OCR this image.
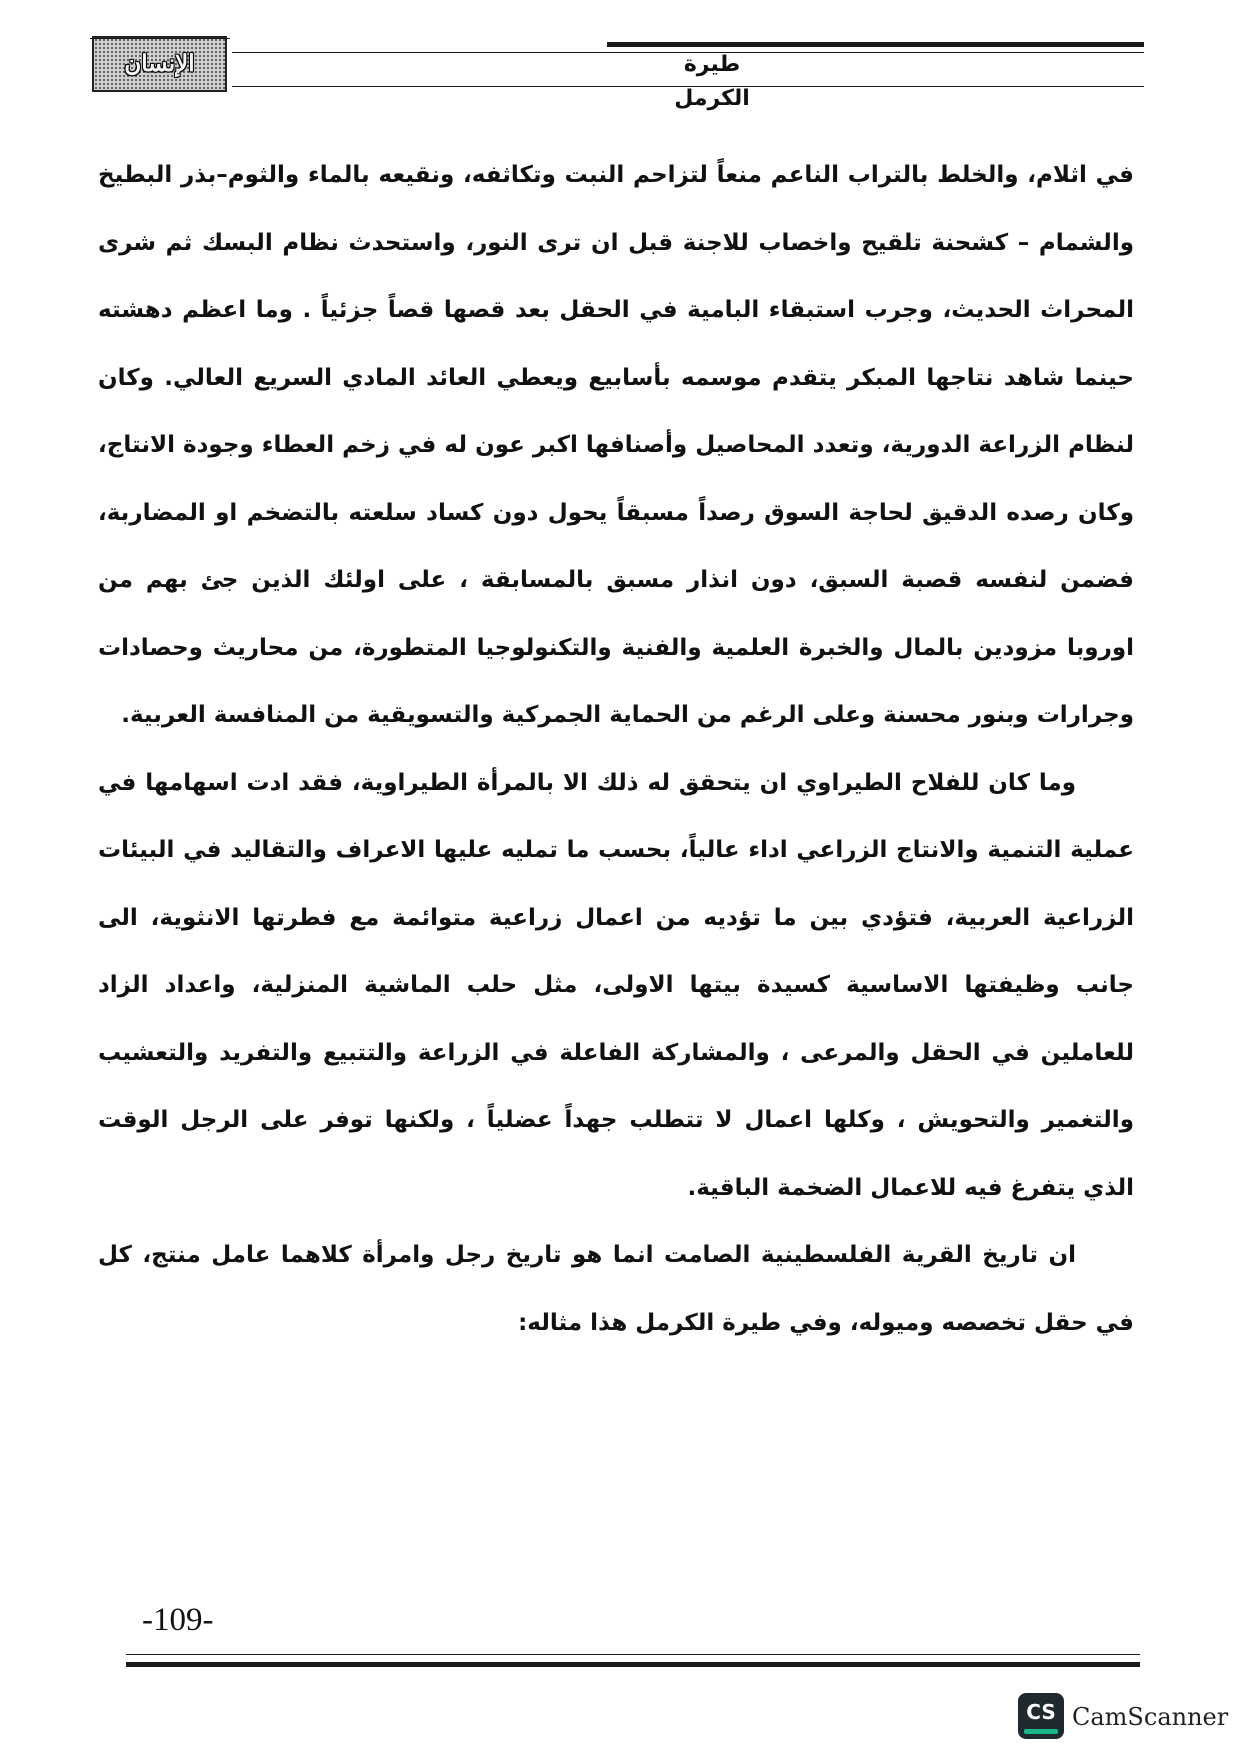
الإنسان	طيرة الكرمل

في اثلام، والخلط بالتراب الناعم منعاً لتزاحم النبت وتكاثفه، ونقيعه بالماء والثوم–بذر البطيخ والشمام – كشحنة تلقيح واخصاب للاجنة قبل ان ترى النور، واستحدث نظام البسك ثم شرى المحراث الحديث، وجرب استبقاء البامية في الحقل بعد قصها قصاً جزئياً . وما اعظم دهشته حينما شاهد نتاجها المبكر يتقدم موسمه بأسابيع ويعطي العائد المادي السريع العالي. وكان لنظام الزراعة الدورية، وتعدد المحاصيل وأصنافها اكبر عون له في زخم العطاء وجودة الانتاج، وكان رصده الدقيق لحاجة السوق رصداً مسبقاً يحول دون كساد سلعته بالتضخم او المضاربة، فضمن لنفسه قصبة السبق، دون انذار مسبق بالمسابقة ، على اولئك الذين جئ بهم من اوروبا مزودين بالمال والخبرة العلمية والفنية والتكنولوجيا المتطورة، من محاريث وحصادات وجرارات وبنور محسنة وعلى الرغم من الحماية الجمركية والتسويقية من المنافسة العربية.

وما كان للفلاح الطيراوي ان يتحقق له ذلك الا بالمرأة الطيراوية، فقد ادت اسهامها في عملية التنمية والانتاج الزراعي اداء عالياً، بحسب ما تمليه عليها الاعراف والتقاليد في البيئات الزراعية العربية، فتؤدي بين ما تؤديه من اعمال زراعية متوائمة مع فطرتها الانثوية، الى جانب وظيفتها الاساسية كسيدة بيتها الاولى، مثل حلب الماشية المنزلية، واعداد الزاد للعاملين في الحقل والمرعى ، والمشاركة الفاعلة في الزراعة والتتبيع والتفريد والتعشيب والتغمير والتحويش ، وكلها اعمال لا تتطلب جهداً عضلياً ، ولكنها توفر على الرجل الوقت الذي يتفرغ فيه للاعمال الضخمة الباقية.

ان تاريخ القرية الفلسطينية الصامت انما هو تاريخ رجل وامرأة كلاهما عامل منتج، كل في حقل تخصصه وميوله، وفي طيرة الكرمل هذا مثاله:

-109-
CS CamScanner
